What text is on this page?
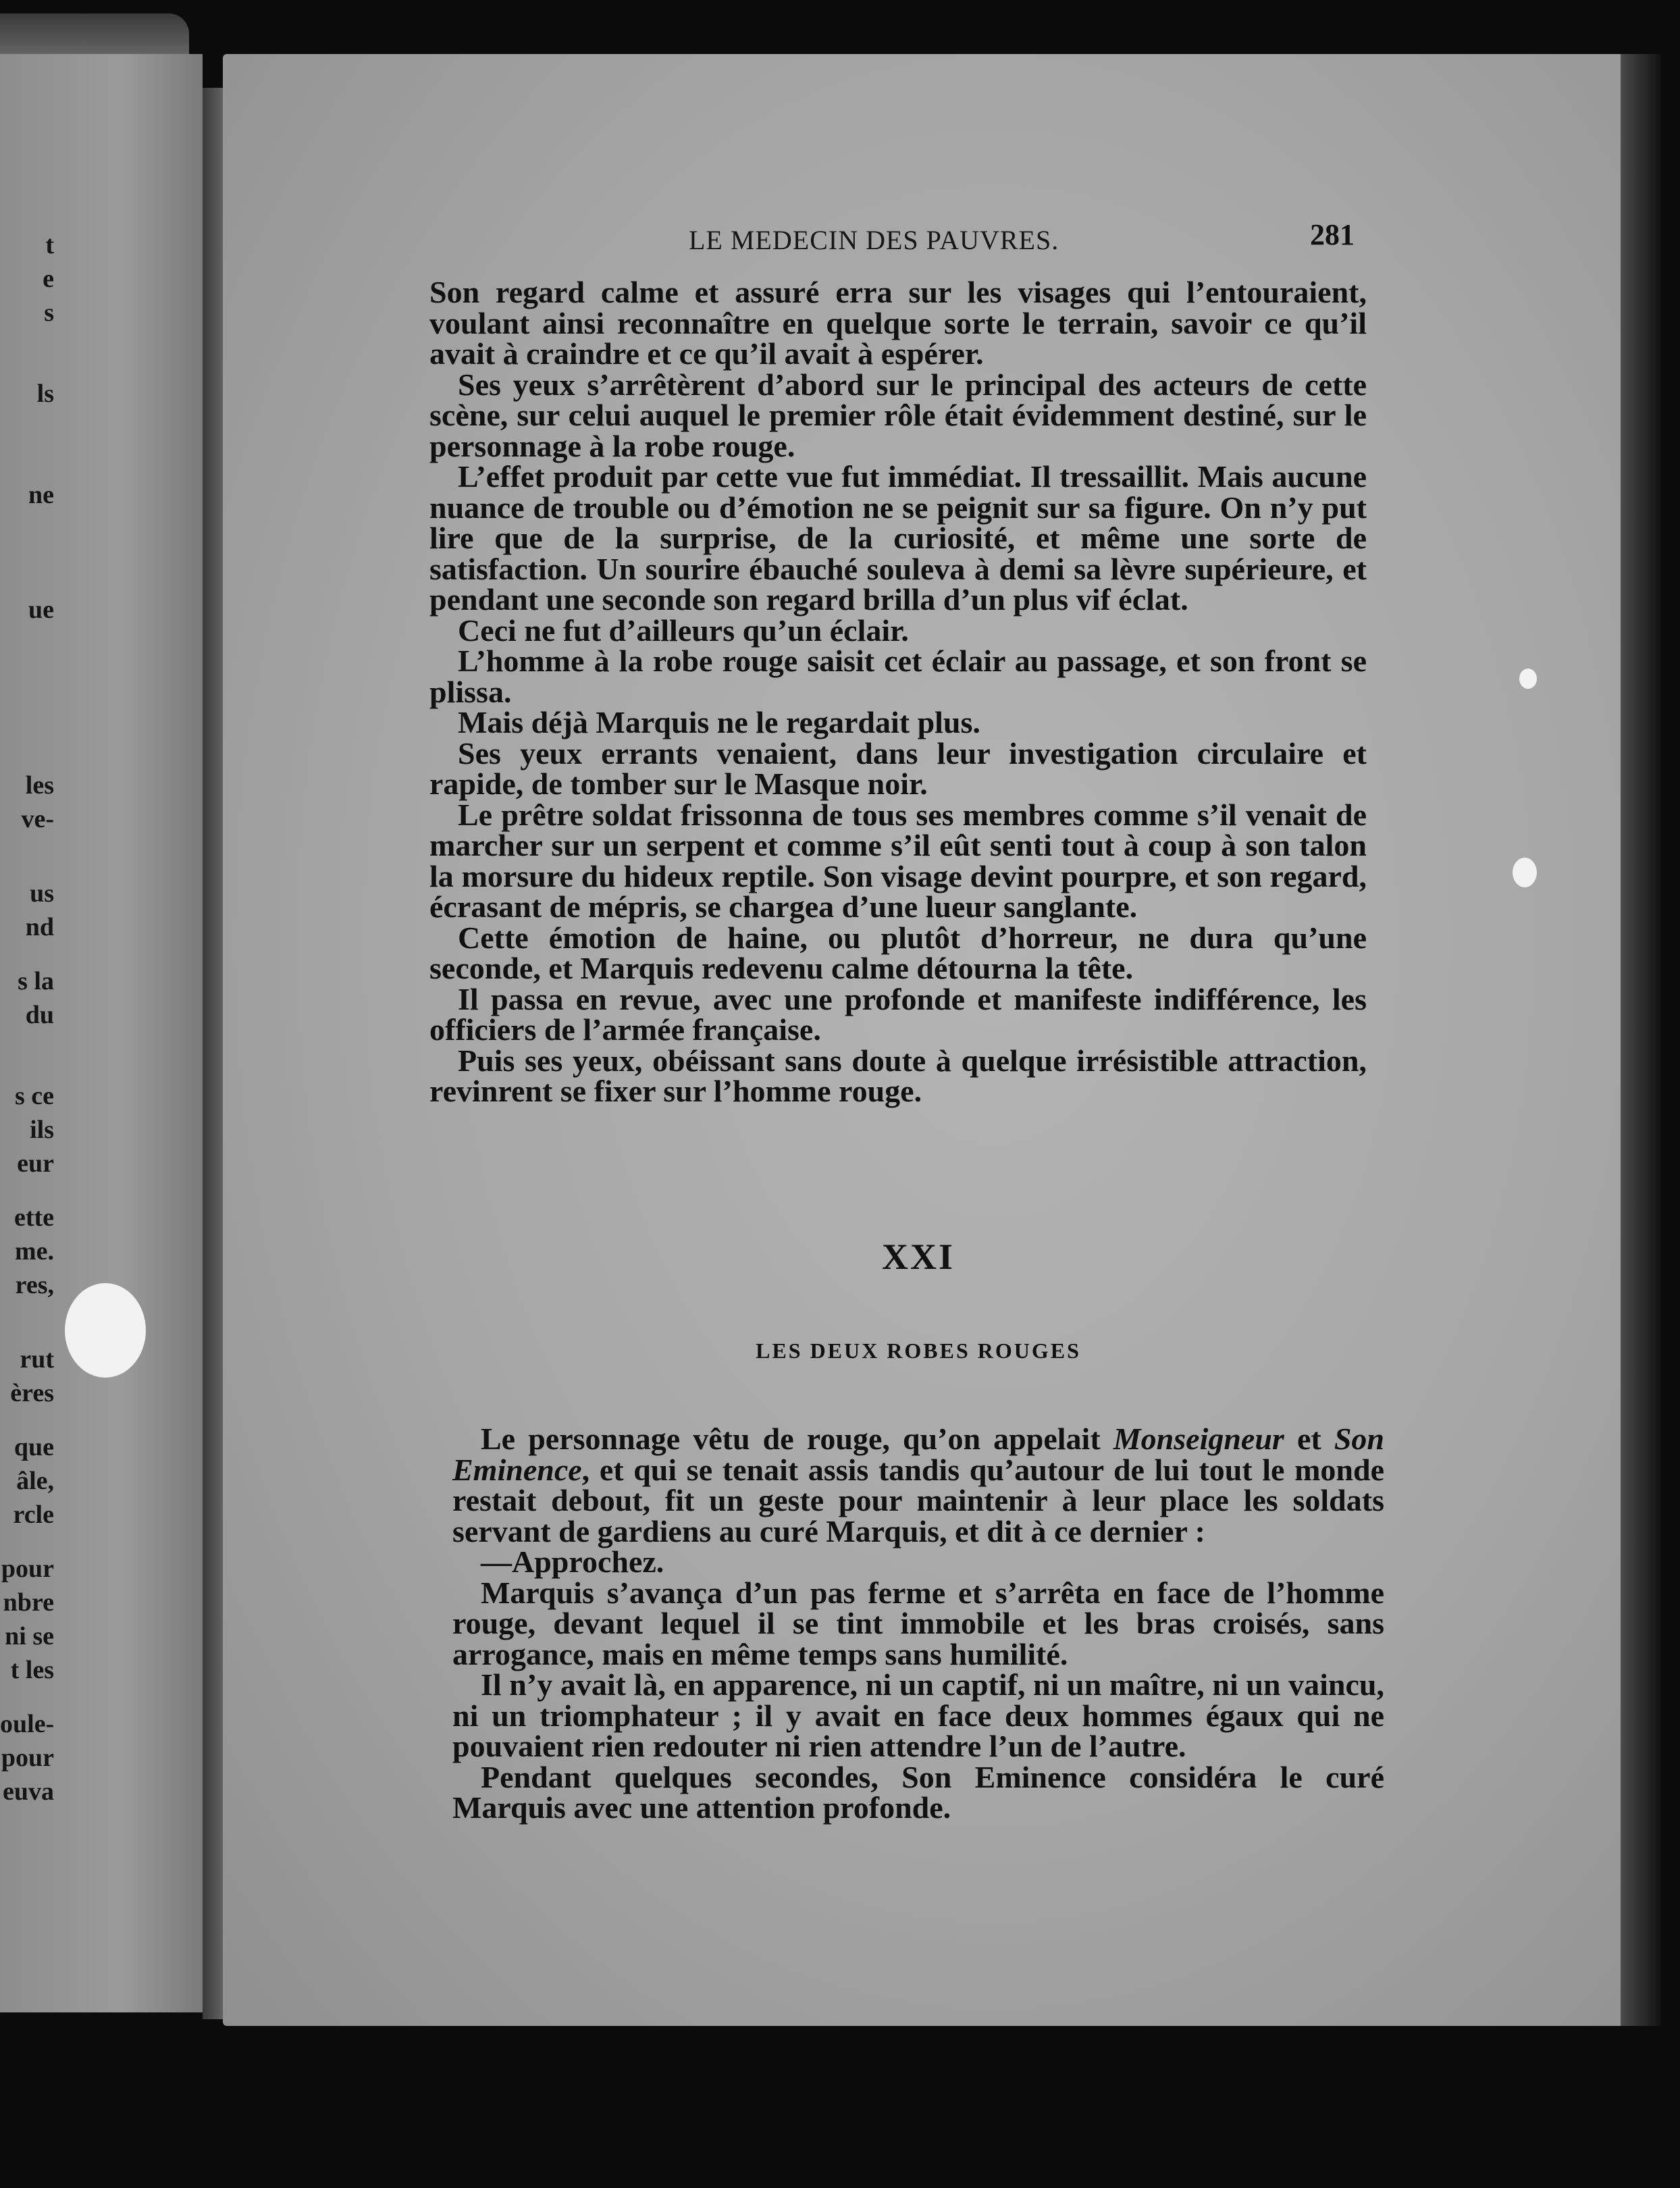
t
e
s
ls
ne
ue
les
ve-
us
nd
s la
du
s ce
ils
eur
ette
me.
res,
rut
ères
que
âle,
rcle
pour
nbre
ni se
t les
oule-
pour
euva
LE MEDECIN DES PAUVRES.	281

Son regard calme et assuré erra sur les visages qui l’entouraient, voulant ainsi reconnaître en quelque sorte le terrain, savoir ce qu’il avait à craindre et ce qu’il avait à espérer.

Ses yeux s’arrêtèrent d’abord sur le principal des acteurs de cette scène, sur celui auquel le premier rôle était évidemment destiné, sur le personnage à la robe rouge.

L’effet produit par cette vue fut immédiat. Il tressaillit. Mais aucune nuance de trouble ou d’émotion ne se peignit sur sa figure. On n’y put lire que de la surprise, de la curiosité, et même une sorte de satisfaction. Un sourire ébauché souleva à demi sa lèvre supérieure, et pendant une seconde son regard brilla d’un plus vif éclat.

Ceci ne fut d’ailleurs qu’un éclair.

L’homme à la robe rouge saisit cet éclair au passage, et son front se plissa.

Mais déjà Marquis ne le regardait plus.

Ses yeux errants venaient, dans leur investigation circulaire et rapide, de tomber sur le Masque noir.

Le prêtre soldat frissonna de tous ses membres comme s’il venait de marcher sur un serpent et comme s’il eût senti tout à coup à son talon la morsure du hideux reptile. Son visage devint pourpre, et son regard, écrasant de mépris, se chargea d’une lueur sanglante.

Cette émotion de haine, ou plutôt d’horreur, ne dura qu’une seconde, et Marquis redevenu calme détourna la tête.

Il passa en revue, avec une profonde et manifeste indifférence, les officiers de l’armée française.

Puis ses yeux, obéissant sans doute à quelque irrésistible attraction, revinrent se fixer sur l’homme rouge.

XXI
LES DEUX ROBES ROUGES

Le personnage vêtu de rouge, qu’on appelait Monseigneur et Son Eminence, et qui se tenait assis tandis qu’autour de lui tout le monde restait debout, fit un geste pour maintenir à leur place les soldats servant de gardiens au curé Marquis, et dit à ce dernier :

—Approchez.

Marquis s’avança d’un pas ferme et s’arrêta en face de l’homme rouge, devant lequel il se tint immobile et les bras croisés, sans arrogance, mais en même temps sans humilité.

Il n’y avait là, en apparence, ni un captif, ni un maître, ni un vaincu, ni un triomphateur ; il y avait en face deux hommes égaux qui ne pouvaient rien redouter ni rien attendre l’un de l’autre.

Pendant quelques secondes, Son Eminence considéra le curé Marquis avec une attention profonde.
